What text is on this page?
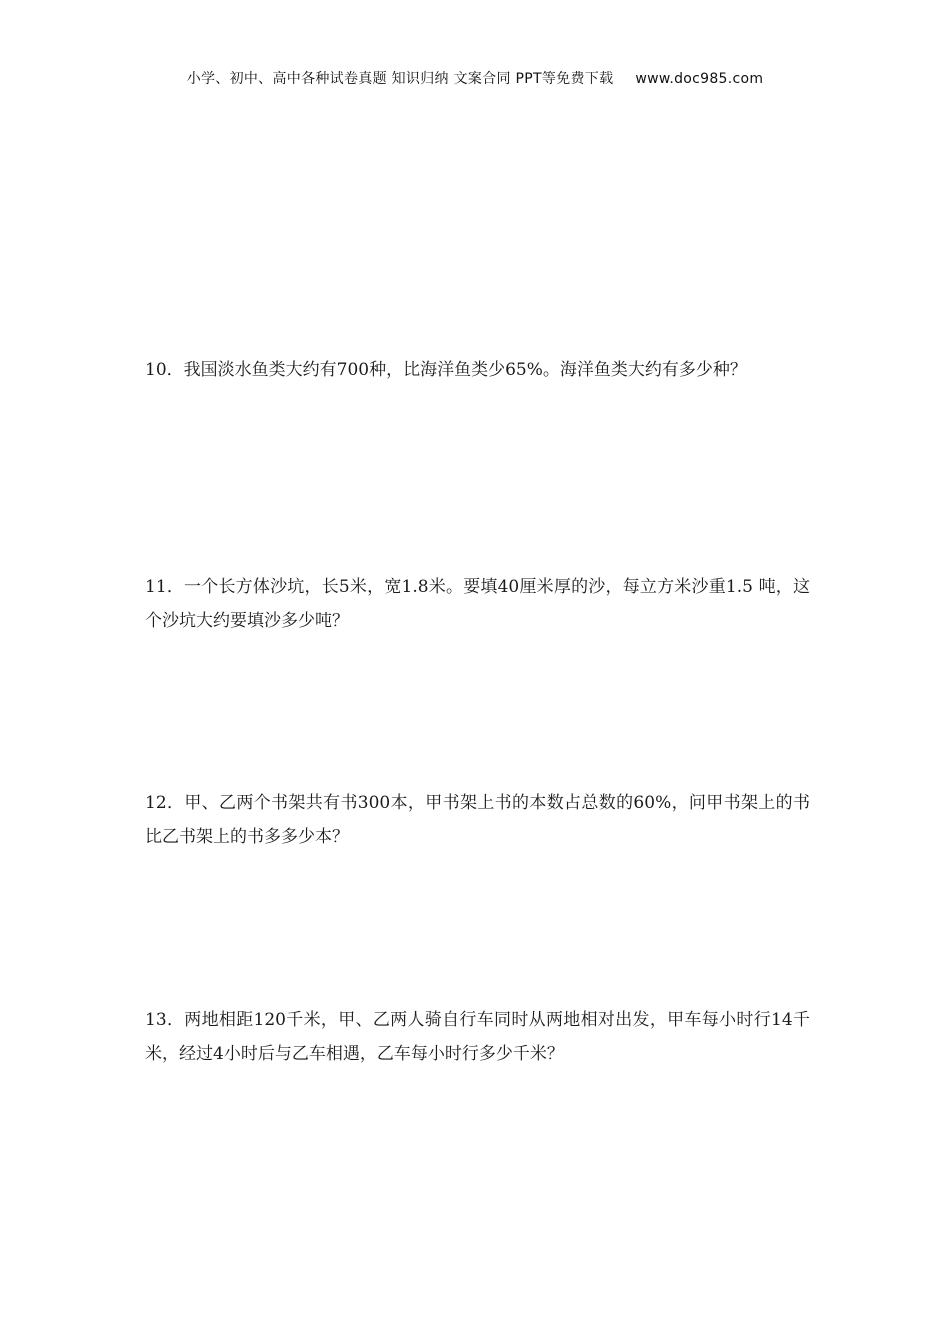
小学、初中、高中各种试卷真题 知识归纳 文案合同 PPT等免费下载 www.doc985.com
10．我国淡水鱼类大约有700种，比海洋鱼类少65%。海洋鱼类大约有多少种？
11．一个长方体沙坑，长5米，宽1.8米。要填40厘米厚的沙，每立方米沙重1.5 吨，这个沙坑大约要填沙多少吨？
12．甲、乙两个书架共有书300本，甲书架上书的本数占总数的60%，问甲书架上的书比乙书架上的书多多少本？
13．两地相距120千米，甲、乙两人骑自行车同时从两地相对出发，甲车每小时行14千米，经过4小时后与乙车相遇，乙车每小时行多少千米？
